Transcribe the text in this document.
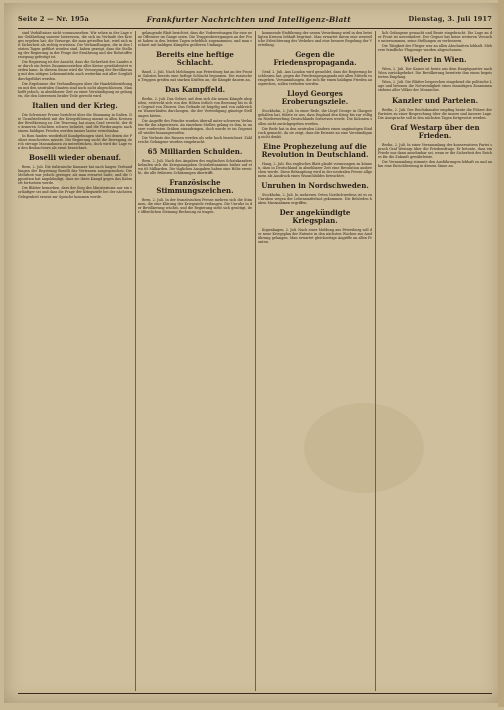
Seite 2 — Nr. 195a	Frankfurter Nachrichten und Intelligenz-Blatt	Dienstag, 3. Juli 1917

sind Verhältnisse nicht vorauszusehen. Wir sehen in der Lage eine Gefährdung unserer Interessen, die sich im Verlaufe des Krieges ergeben hat; die Vorsorge, die man getroffen hat, wird sich mit Sicherheit als richtig erweisen. Die Verhandlungen, die in den letzten Tagen geführt worden sind, haben gezeigt, dass die Stellung der Regierung in der Frage der Ernährung und der Rohstoffversorgung gefestigt ist.

Die Regierung ist der Ansicht, dass die Sicherheit des Landes nur durch ein festes Zusammenstehen aller Kreise gewährleistet werden kann. In diesem Sinne wird die Versorgung der Bevölkerung mit den nötigen Lebensmitteln auch weiterhin mit aller Sorgfalt durchgeführt werden.

Die Ergebnisse der Verhandlungen über die Handelsbeziehungen mit den neutralen Staaten sind noch nicht abgeschlossen. Man hofft jedoch, in absehbarer Zeit zu einer Verständigung zu gelangen, die den Interessen beider Teile gerecht wird.

Italien und der Krieg.

Die Schweizer Presse berichtet über die Stimmung in Italien. Die Unzufriedenheit mit der Kriegsführung nimmt in allen Kreisen der Bevölkerung zu. Die Teuerung hat einen Grad erreicht, der die ärmeren Schichten schwer belastet, und die Forderungen nach einem baldigen Frieden werden immer lauter vernehmbar.

In Rom fanden wiederholt Kundgebungen statt, bei denen die Polizei einschreiten musste. Die Regierung sucht die Bewegung durch strenge Massnahmen zu unterdrücken, doch wird die Lage von den Beobachtern als ernst bezeichnet.

Boselli wieder obenauf.

Bern, 2. Juli. Die italienische Kammer hat nach langen Verhandlungen der Regierung Boselli das Vertrauen ausgesprochen. Die Mehrheit war jedoch geringer, als man erwartet hatte, und die Opposition hat angekündigt, dass sie ihren Kampf gegen das Kabinett fortsetzen werde.

Die Blätter bemerken, dass der Sieg des Ministeriums nur ein vorläufiger sei und dass die Frage der Kriegsziele bei der nächsten Gelegenheit erneut zur Sprache kommen werde.

gelangende Blatt berichtet, dass die Vorbereitungen für eine neue Offensive im Gange seien. Die Truppenbewegungen an der Front haben in den letzten Tagen erheblich zugenommen, und man rechnet mit baldigen Kämpfen größeren Umfangs.

Bereits eine heftige Schlacht.

Basel, 2. Juli. Nach Meldungen aus Petersburg hat an der Front in Galizien bereits eine heftige Schlacht begonnen. Die russischen Truppen greifen mit starken Kräften an; die Kämpfe dauern an.

Das Kampffeld.

Berlin, 2. Juli. Das Gebiet, auf dem sich die neuen Kämpfe abspielen, erstreckt sich von den Höhen östlich von Brzezany bis in die Gegend von Zborow. Das Gelände ist hügelig und von zahlreichen Wasserläufen durchzogen, die der Verteidigung günstige Stellungen bieten.

Die Angriffe des Feindes wurden überall unter schweren Verlusten für ihn abgewiesen. An einzelnen Stellen gelang es ihm, in unsere vordersten Gräben einzudringen, doch wurde er im Gegenstoß wieder hinausgeworfen.

Die Verluste der Russen werden als sehr hoch bezeichnet. Zahlreiche Gefangene wurden eingebracht.

65 Milliarden Schulden.

Bern, 2. Juli. Nach den Angaben des englischen Schatzkanzlers belaufen sich die Kriegsausgaben Grossbritanniens bisher auf etwa 65 Milliarden. Die täglichen Ausgaben haben eine Höhe erreicht, die alle früheren Schätzungen übertrifft.

Französische Stimmungszeichen.

Bern, 2. Juli. In der französischen Presse mehren sich die Stimmen, die eine Klärung der Kriegsziele verlangen. Die Unruhe in der Bevölkerung wächst, und die Regierung sieht sich genötigt, der öffentlichen Meinung Rechnung zu tragen.

kommende Einführung der neuen Verordnung wird in den beteiligten Kreisen lebhaft begrüsst. Man erwartet davon eine wesentliche Erleichterung des Verkehrs und eine bessere Regelung der Verteilung.

Gegen die Friedenspropaganda.

Genf, 2. Juli. Aus London wird gemeldet, dass die Regierung beschlossen hat, gegen die Friedenspropaganda mit allen Mitteln vorzugehen. Versammlungen, die sich für einen baldigen Frieden aussprechen, sollen verboten werden.

Lloyd Georges Eroberungsziele.

Stockholm, 2. Juli. In einer Rede, die Lloyd George in Glasgow gehalten hat, führte er aus, dass England den Krieg bis zur völligen Niederwerfung Deutschlands fortsetzen werde. Die Kolonien sollen nicht zurückgegeben werden.

Die Rede hat in den neutralen Ländern einen ungünstigen Eindruck gemacht, da sie zeigt, dass die Entente an eine Verständigung nicht denkt.

Eine Prophezeiung auf die Revolution in Deutschland.

Haag, 2. Juli. Ein englisches Blatt glaubt voraussagen zu können, dass in Deutschland in absehbarer Zeit eine Revolution ausbrechen werde. Diese Behauptung wird in der neutralen Presse allgemein als Ausdruck eines Wunschbildes betrachtet.

Unruhen in Nordschweden.

Stockholm, 2. Juli. In mehreren Orten Nordschwedens ist es zu Unruhen wegen der Lebensmittelnot gekommen. Die Behörden haben Massnahmen ergriffen.

Der angekündigte Kriegsplan.

Kopenhagen, 2. Juli. Nach einer Meldung aus Petersburg soll der neue Kriegsplan der Entente in den nächsten Wochen zur Ausführung gelangen. Man erwartet gleichzeitige Angriffe an allen Fronten.

lich Gefangene gemacht und Beute eingebracht. Die Lage an der Front ist unverändert. Der Gegner hat keine weiteren Versuche unternommen, seine Stellungen zu verbessern.

Die Tätigkeit der Flieger war an allen Abschnitten lebhaft. Mehrere feindliche Flugzeuge wurden abgeschossen.

Wieder in Wien.

Wien, 2. Juli. Der Kaiser ist heute aus dem Hauptquartier nach Wien zurückgekehrt. Die Bevölkerung bereitete ihm einen begeisterten Empfang.

Wien, 2. Juli. Die Blätter besprechen eingehend die politische Lage und betonen die Notwendigkeit eines einmütigen Zusammenstehens aller Völker der Monarchie.

Kanzler und Parteien.

Berlin, 2. Juli. Der Reichskanzler empfing heute die Führer der Parteien zu einer Besprechung über die innere und äussere Lage. Die Aussprache soll in den nächsten Tagen fortgesetzt werden.

Graf Westarp über den Frieden.

Berlin, 2. Juli. In einer Versammlung der konservativen Partei sprach Graf Westarp über die Friedensfrage. Er betonte, dass ein Friede nur dann annehmbar sei, wenn er die Sicherheit des Reiches für die Zukunft gewährleiste.

Die Versammlung stimmte den Ausführungen lebhaft zu und nahm eine Entschliessung in diesem Sinne an.
